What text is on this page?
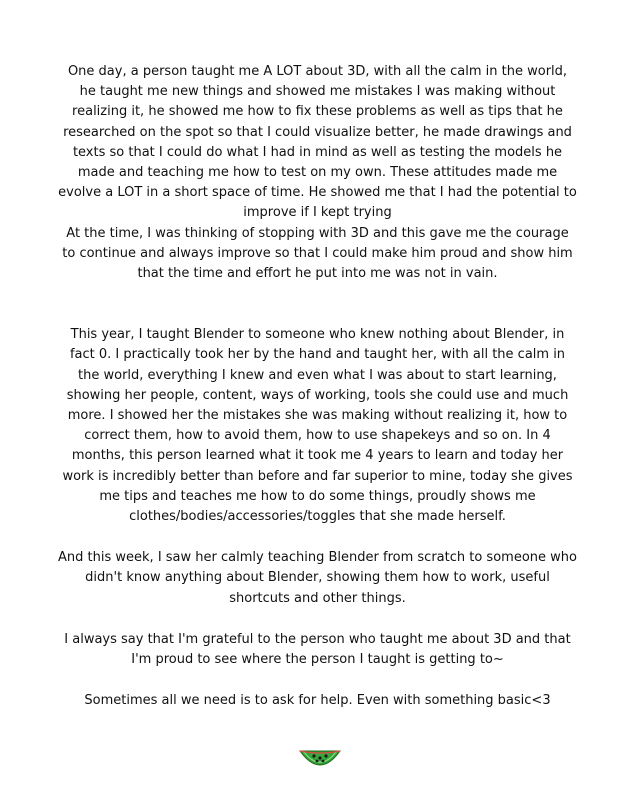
One day, a person taught me A LOT about 3D, with all the calm in the world, he taught me new things and showed me mistakes I was making without realizing it, he showed me how to fix these problems as well as tips that he researched on the spot so that I could visualize better, he made drawings and texts so that I could do what I had in mind as well as testing the models he made and teaching me how to test on my own. These attitudes made me evolve a LOT in a short space of time. He showed me that I had the potential to improve if I kept trying

At the time, I was thinking of stopping with 3D and this gave me the courage to continue and always improve so that I could make him proud and show him that the time and effort he put into me was not in vain.

This year, I taught Blender to someone who knew nothing about Blender, in fact 0. I practically took her by the hand and taught her, with all the calm in the world, everything I knew and even what I was about to start learning, showing her people, content, ways of working, tools she could use and much more. I showed her the mistakes she was making without realizing it, how to correct them, how to avoid them, how to use shapekeys and so on. In 4 months, this person learned what it took me 4 years to learn and today her work is incredibly better than before and far superior to mine, today she gives me tips and teaches me how to do some things, proudly shows me clothes/bodies/accessories/toggles that she made herself.

And this week, I saw her calmly teaching Blender from scratch to someone who didn't know anything about Blender, showing them how to work, useful shortcuts and other things.

I always say that I'm grateful to the person who taught me about 3D and that I'm proud to see where the person I taught is getting to~

Sometimes all we need is to ask for help. Even with something basic<3
